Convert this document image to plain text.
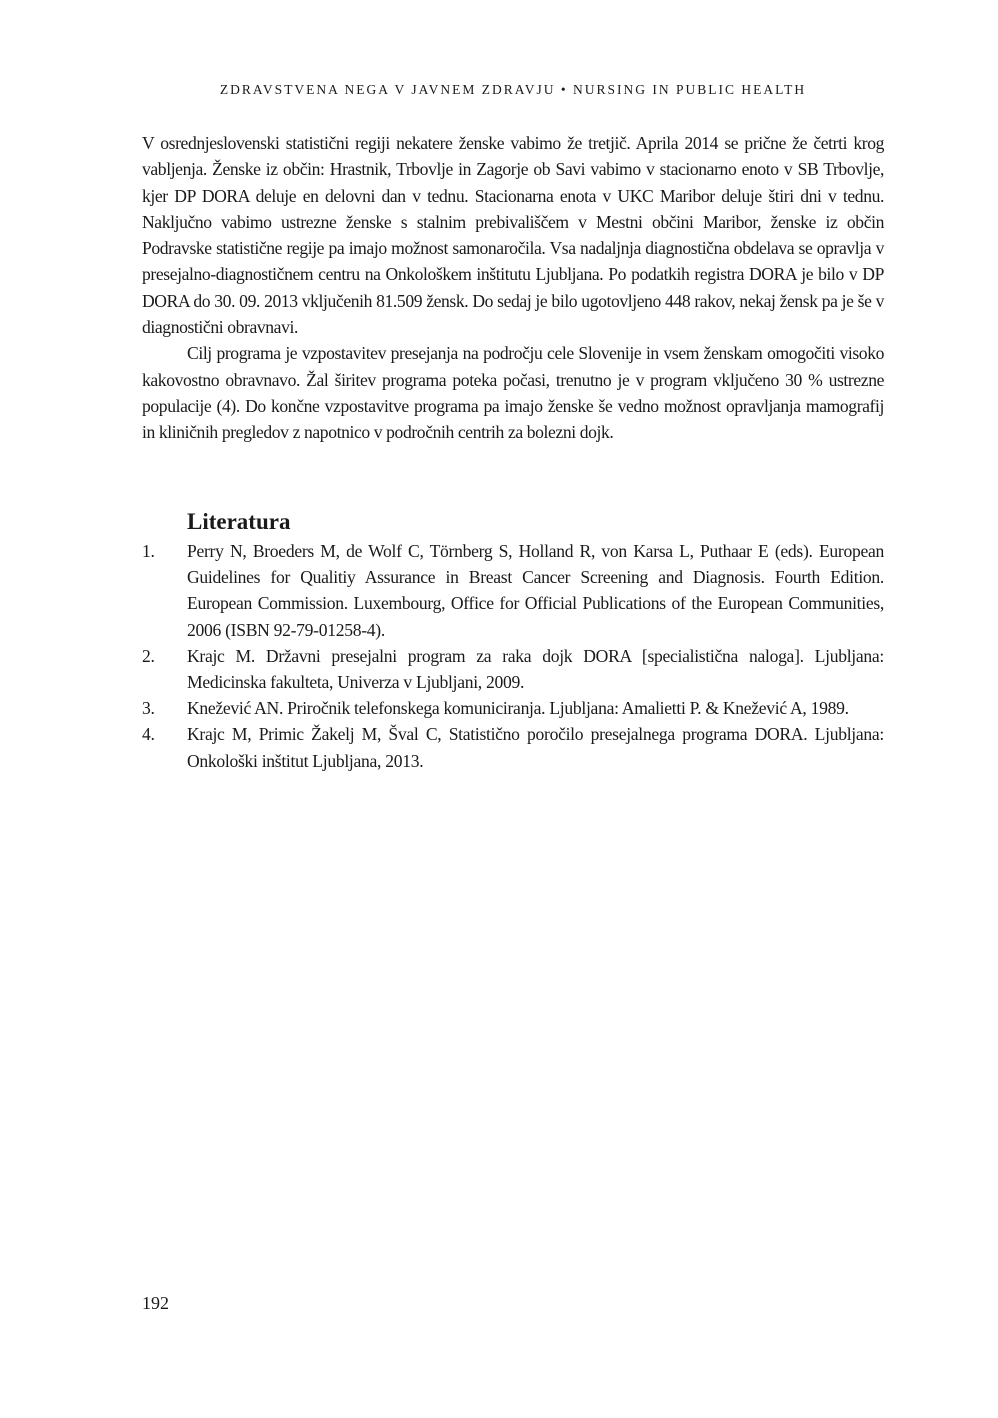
ZDRAVSTVENA NEGA V JAVNEM ZDRAVJU • NURSING IN PUBLIC HEALTH

V osrednjeslovenski statistični regiji nekatere ženske vabimo že tretjič. Aprila 2014 se prične že četrti krog vabljenja. Ženske iz občin: Hrastnik, Trbovlje in Zagorje ob Savi vabimo v stacionarno enoto v SB Trbovlje, kjer DP DORA deluje en delovni dan v tednu. Stacionarna enota v UKC Maribor deluje štiri dni v tednu. Naključno vabimo ustrezne ženske s stalnim prebivališčem v Mestni občini Maribor, ženske iz občin Podravske statistične regije pa imajo možnost samonaročila. Vsa nadaljnja diagnostična obdelava se opravlja v presejalno-diagnostičnem centru na Onkološkem inštitutu Ljubljana. Po podatkih registra DORA je bilo v DP DORA do 30. 09. 2013 vključenih 81.509 žensk. Do sedaj je bilo ugotovljeno 448 rakov, nekaj žensk pa je še v diagnostični obravnavi.

Cilj programa je vzpostavitev presejanja na področju cele Slovenije in vsem ženskam omogočiti visoko kakovostno obravnavo. Žal širitev programa poteka počasi, trenutno je v program vključeno 30 % ustrezne populacije (4). Do končne vzpostavitve programa pa imajo ženske še vedno možnost opravljanja mamografij in kliničnih pregledov z napotnico v področnih centrih za bolezni dojk.

Literatura
1. Perry N, Broeders M, de Wolf C, Törnberg S, Holland R, von Karsa L, Puthaar E (eds). European Guidelines for Qualitiy Assurance in Breast Cancer Screening and Diagnosis. Fourth Edition. European Commission. Luxembourg, Office for Official Publications of the European Communities, 2006 (ISBN 92-79-01258-4).
2. Krajc M. Državni presejalni program za raka dojk DORA [specialistična naloga]. Ljubljana: Medicinska fakulteta, Univerza v Ljubljani, 2009.
3. Knežević AN. Priročnik telefonskega komuniciranja. Ljubljana: Amalietti P. & Knežević A, 1989.
4. Krajc M, Primic Žakelj M, Šval C, Statistično poročilo presejalnega programa DORA. Ljubljana: Onkološki inštitut Ljubljana, 2013.
192
